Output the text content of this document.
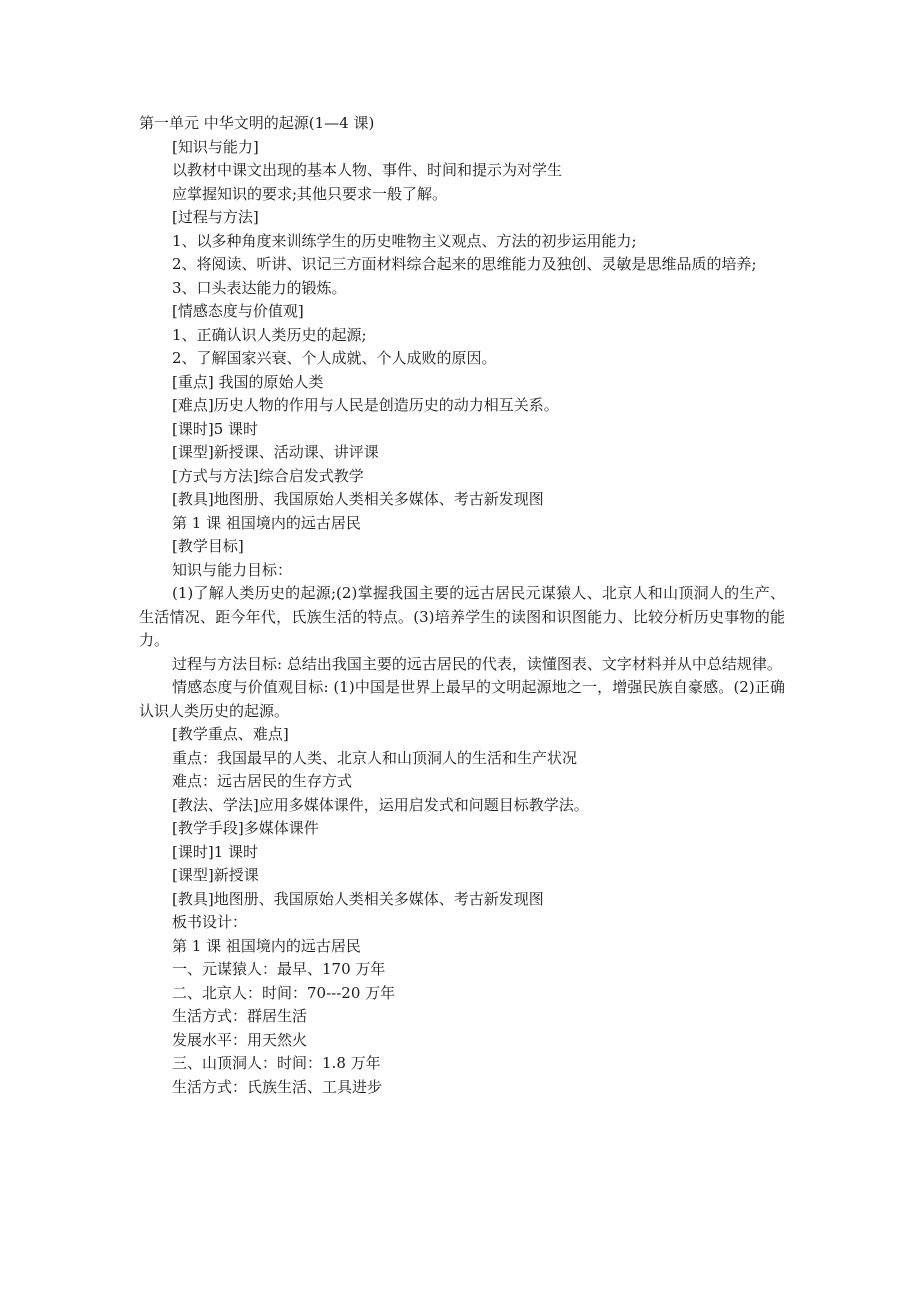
第一单元 中华文明的起源(1—4 课)

[知识与能力]

以教材中课文出现的基本人物、事件、时间和提示为对学生

应掌握知识的要求;其他只要求一般了解。

[过程与方法]

1、以多种角度来训练学生的历史唯物主义观点、方法的初步运用能力;

2、将阅读、听讲、识记三方面材料综合起来的思维能力及独创、灵敏是思维品质的培养;

3、口头表达能力的锻炼。

[情感态度与价值观]

1、正确认识人类历史的起源;

2、了解国家兴衰、个人成就、个人成败的原因。

[重点] 我国的原始人类

[难点]历史人物的作用与人民是创造历史的动力相互关系。

[课时]5 课时

[课型]新授课、活动课、讲评课

[方式与方法]综合启发式教学

[教具]地图册、我国原始人类相关多媒体、考古新发现图

第 1 课 祖国境内的远古居民

[教学目标]

知识与能力目标：

(1)了解人类历史的起源;(2)掌握我国主要的远古居民元谋猿人、北京人和山顶洞人的生产、生活情况、距今年代，氏族生活的特点。(3)培养学生的读图和识图能力、比较分析历史事物的能力。

过程与方法目标: 总结出我国主要的远古居民的代表，读懂图表、文字材料并从中总结规律。

情感态度与价值观目标: (1)中国是世界上最早的文明起源地之一，增强民族自豪感。(2)正确认识人类历史的起源。

[教学重点、难点]

重点：我国最早的人类、北京人和山顶洞人的生活和生产状况

难点：远古居民的生存方式

[教法、学法]应用多媒体课件，运用启发式和问题目标教学法。

[教学手段]多媒体课件

[课时]1 课时

[课型]新授课

[教具]地图册、我国原始人类相关多媒体、考古新发现图

板书设计：

第 1 课 祖国境内的远古居民

一、元谋猿人：最早、170 万年

二、北京人：时间：70---20 万年

生活方式：群居生活

发展水平：用天然火

三、山顶洞人：时间：1.8 万年

生活方式：氏族生活、工具进步
